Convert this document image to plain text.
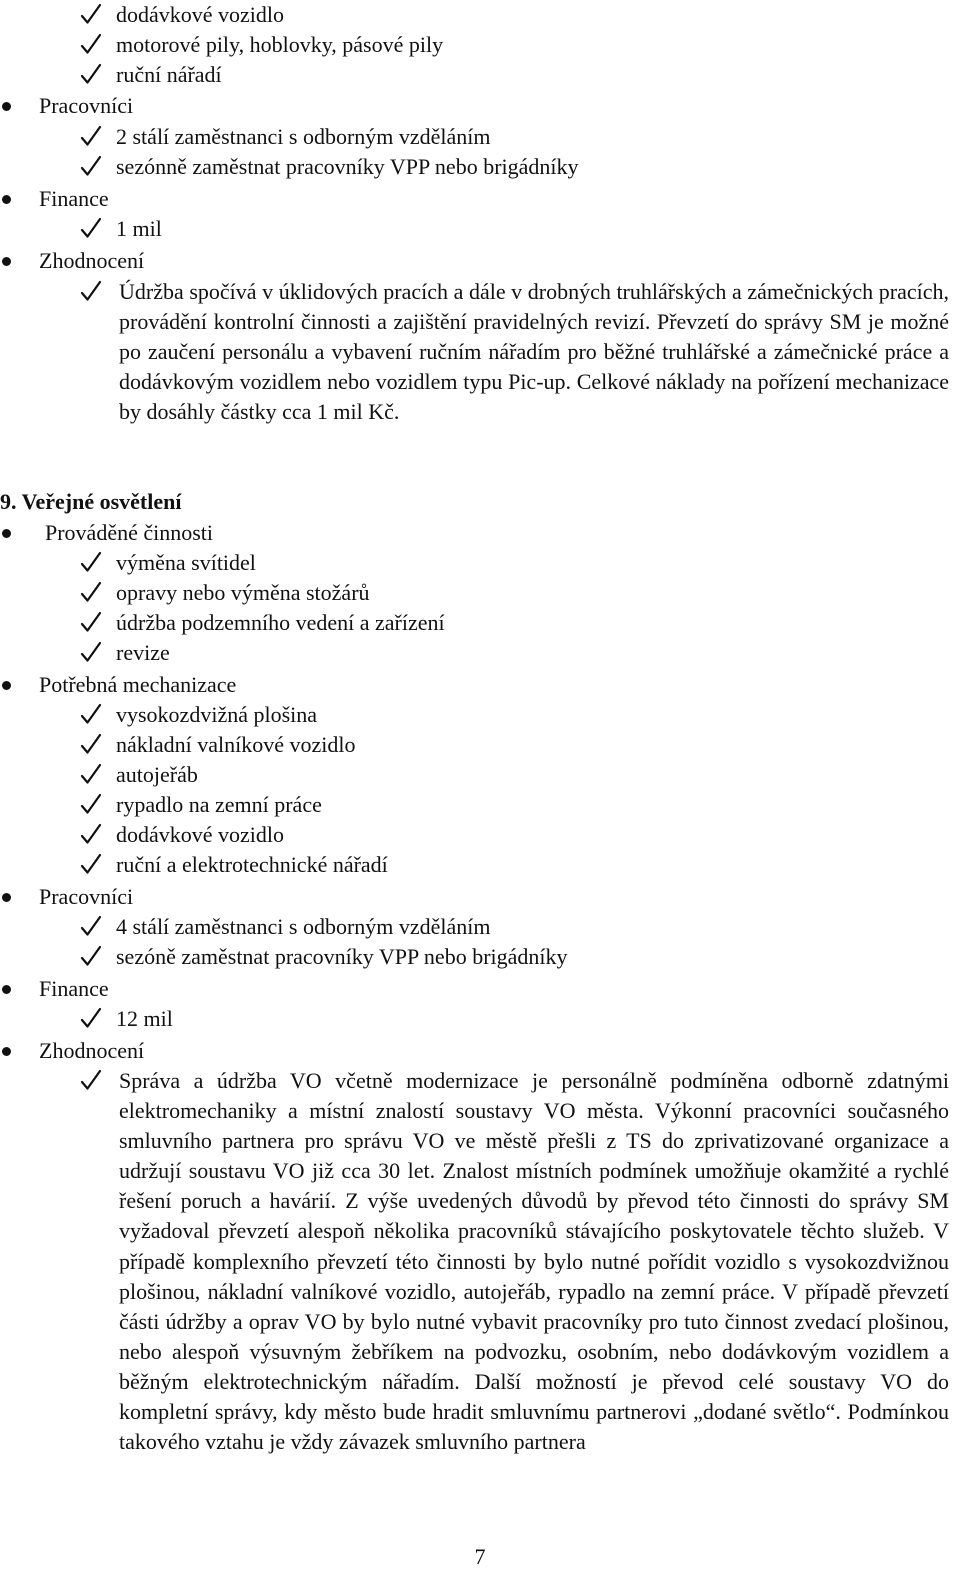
dodávkové vozidlo
motorové pily, hoblovky, pásové pily
ruční nářadí
Pracovníci
2 stálí zaměstnanci s odborným vzděláním
sezónně zaměstnat pracovníky VPP nebo brigádníky
Finance
1 mil
Zhodnocení
Údržba spočívá v úklidových pracích a dále v drobných truhlářských a zámečnických pracích, provádění kontrolní činnosti a zajištění pravidelných revizí. Převzetí do správy SM je možné po zaučení personálu a vybavení ručním nářadím pro běžné truhlářské a zámečnické práce a dodávkovým vozidlem nebo vozidlem typu Pic-up. Celkové náklady na pořízení mechanizace by dosáhly částky cca 1 mil Kč.
9. Veřejné osvětlení
Prováděné činnosti
výměna svítidel
opravy nebo výměna stožárů
údržba podzemního vedení a zařízení
revize
Potřebná mechanizace
vysokozdvižná plošina
nákladní valníkové vozidlo
autojeřáb
rypadlo na zemní práce
dodávkové vozidlo
ruční a elektrotechnické nářadí
Pracovníci
4 stálí zaměstnanci s odborným vzděláním
sezóně zaměstnat pracovníky VPP nebo brigádníky
Finance
12 mil
Zhodnocení
Správa a údržba VO včetně modernizace je personálně podmíněna odborně zdatnými elektromechaniky a místní znalostí soustavy VO města. Výkonní pracovníci současného smluvního partnera pro správu VO ve městě přešli z TS do zprivatizované organizace a udržují soustavu VO již cca 30 let. Znalost místních podmínek umožňuje okamžité a rychlé řešení poruch a havárií. Z výše uvedených důvodů by převod této činnosti do správy SM vyžadoval převzetí alespoň několika pracovníků stávajícího poskytovatele těchto služeb. V případě komplexního převzetí této činnosti by bylo nutné pořídit vozidlo s vysokozdvižnou plošinou, nákladní valníkové vozidlo, autojeřáb, rypadlo na zemní práce. V případě převzetí části údržby a oprav VO by bylo nutné vybavit pracovníky pro tuto činnost zvedací plošinou, nebo alespoň výsuvným žebříkem na podvozku, osobním, nebo dodávkovým vozidlem a běžným elektrotechnickým nářadím. Další možností je převod celé soustavy VO do kompletní správy, kdy město bude hradit smluvnímu partnerovi „dodané světlo“. Podmínkou takového vztahu je vždy závazek smluvního partnera
7
